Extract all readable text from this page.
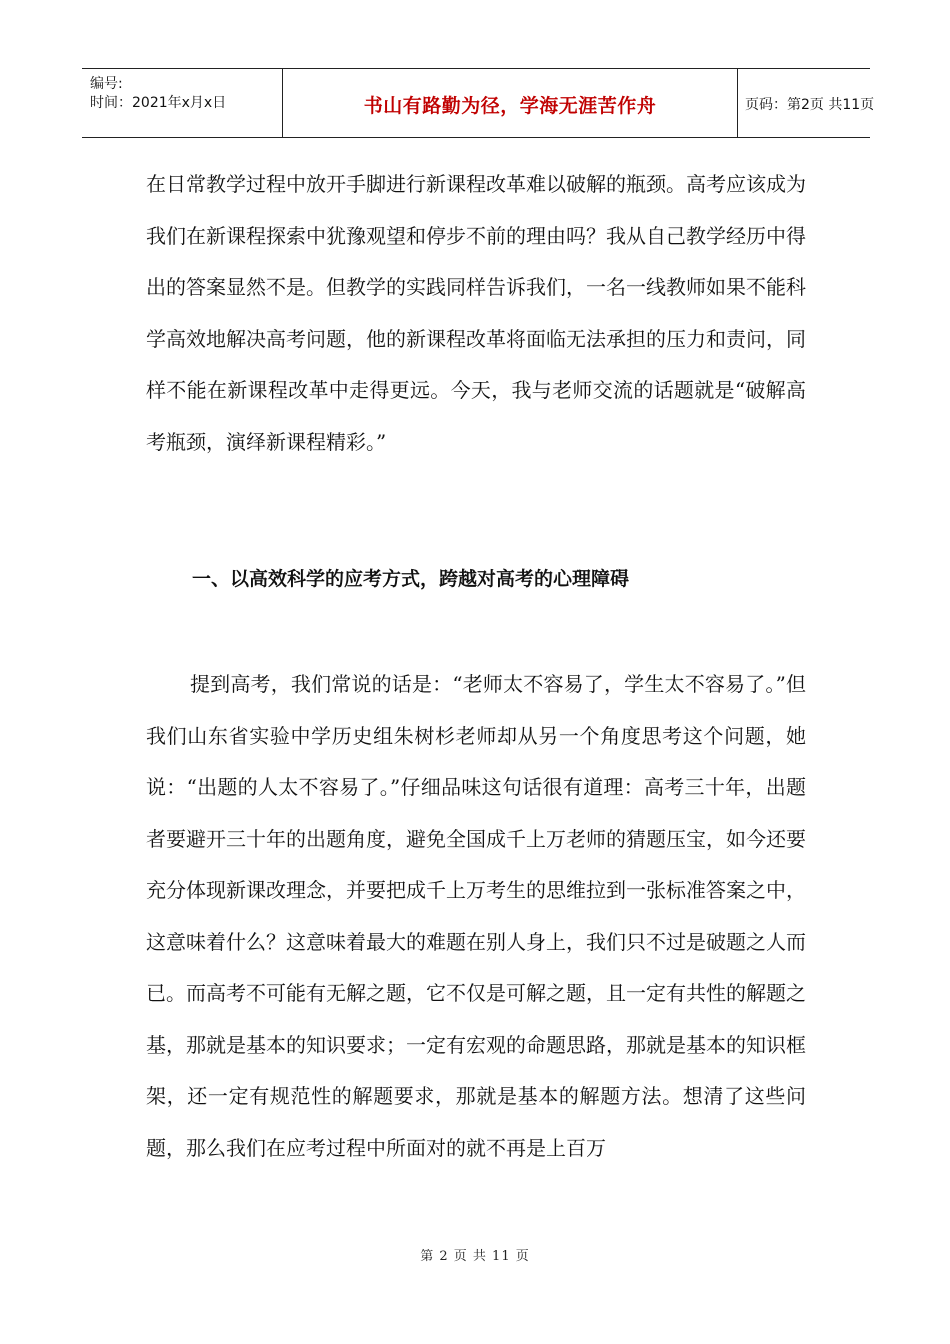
编号:
时间：2021年x月x日	书山有路勤为径，学海无涯苦作舟	页码：第2页 共11页

在日常教学过程中放开手脚进行新课程改革难以破解的瓶颈。高考应该成为我们在新课程探索中犹豫观望和停步不前的理由吗？我从自己教学经历中得出的答案显然不是。但教学的实践同样告诉我们，一名一线教师如果不能科学高效地解决高考问题，他的新课程改革将面临无法承担的压力和责问，同样不能在新课程改革中走得更远。今天，我与老师交流的话题就是“破解高考瓶颈，演绎新课程精彩。”

一、以高效科学的应考方式，跨越对高考的心理障碍

提到高考，我们常说的话是：“老师太不容易了，学生太不容易了。”但我们山东省实验中学历史组朱树杉老师却从另一个角度思考这个问题，她说：“出题的人太不容易了。”仔细品味这句话很有道理：高考三十年，出题者要避开三十年的出题角度，避免全国成千上万老师的猜题压宝，如今还要充分体现新课改理念，并要把成千上万考生的思维拉到一张标准答案之中，这意味着什么？这意味着最大的难题在别人身上，我们只不过是破题之人而已。而高考不可能有无解之题，它不仅是可解之题，且一定有共性的解题之基，那就是基本的知识要求；一定有宏观的命题思路，那就是基本的知识框架，还一定有规范性的解题要求，那就是基本的解题方法。想清了这些问题，那么我们在应考过程中所面对的就不再是上百万

第 2 页 共 11 页
